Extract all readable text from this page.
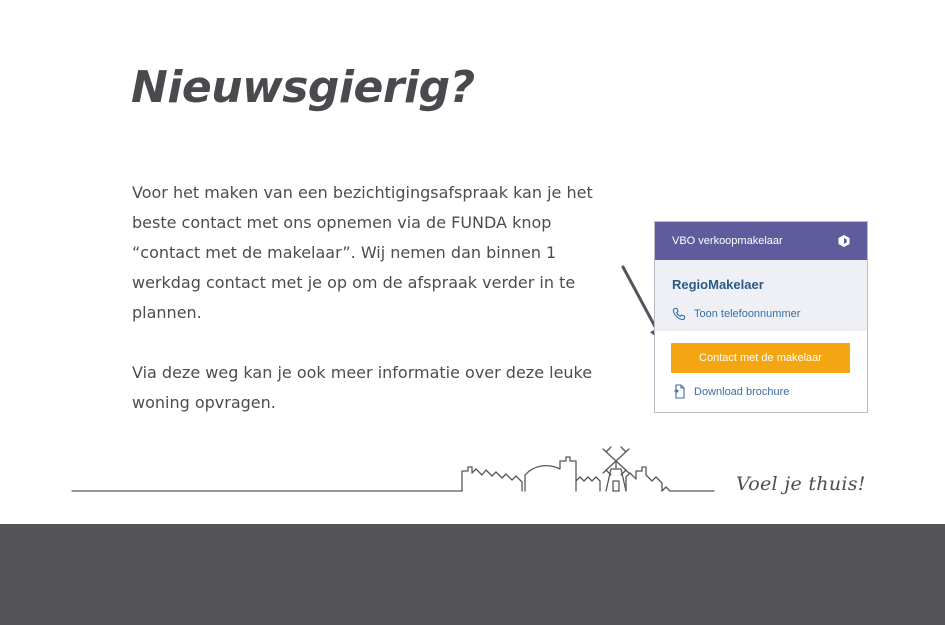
Nieuwsgierig?

Voor het maken van een bezichtigingsafspraak kan je het beste contact met ons opnemen via de FUNDA knop “contact met de makelaar”. Wij nemen dan binnen 1 werkdag contact met je op om de afspraak verder in te plannen.

Via deze weg kan je ook meer informatie over deze leuke woning opvragen.

VBO verkoopmakelaar
RegioMakelaer
Toon telefoonnummer
Contact met de makelaar
Download brochure
Voel je thuis!
